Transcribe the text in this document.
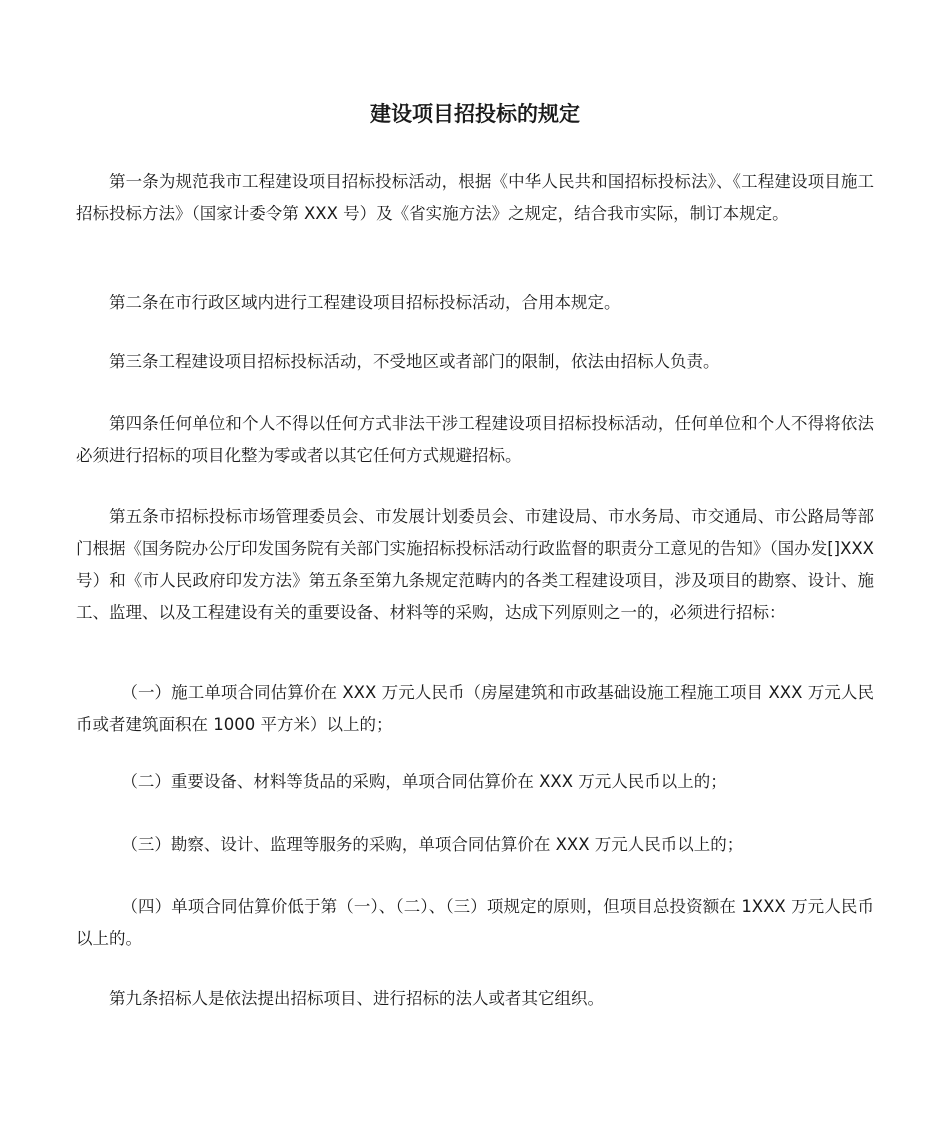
建设项目招投标的规定

第一条为规范我市工程建设项目招标投标活动，根据《中华人民共和国招标投标法》、《工程建设项目施工招标投标方法》（国家计委令第 XXX 号）及《省实施方法》之规定，结合我市实际，制订本规定。

第二条在市行政区域内进行工程建设项目招标投标活动，合用本规定。

第三条工程建设项目招标投标活动，不受地区或者部门的限制，依法由招标人负责。

第四条任何单位和个人不得以任何方式非法干涉工程建设项目招标投标活动，任何单位和个人不得将依法必须进行招标的项目化整为零或者以其它任何方式规避招标。

第五条市招标投标市场管理委员会、市发展计划委员会、市建设局、市水务局、市交通局、市公路局等部门根据《国务院办公厅印发国务院有关部门实施招标投标活动行政监督的职责分工意见的告知》（国办发[]XXX 号）和《市人民政府印发方法》第五条至第九条规定范畴内的各类工程建设项目，涉及项目的勘察、设计、施工、监理、以及工程建设有关的重要设备、材料等的采购，达成下列原则之一的，必须进行招标：

（一）施工单项合同估算价在 XXX 万元人民币（房屋建筑和市政基础设施工程施工项目 XXX 万元人民币或者建筑面积在 1000 平方米）以上的；

（二）重要设备、材料等货品的采购，单项合同估算价在 XXX 万元人民币以上的；

（三）勘察、设计、监理等服务的采购，单项合同估算价在 XXX 万元人民币以上的；

（四）单项合同估算价低于第（一）、（二）、（三）项规定的原则，但项目总投资额在 1XXX 万元人民币以上的。

第九条招标人是依法提出招标项目、进行招标的法人或者其它组织。
